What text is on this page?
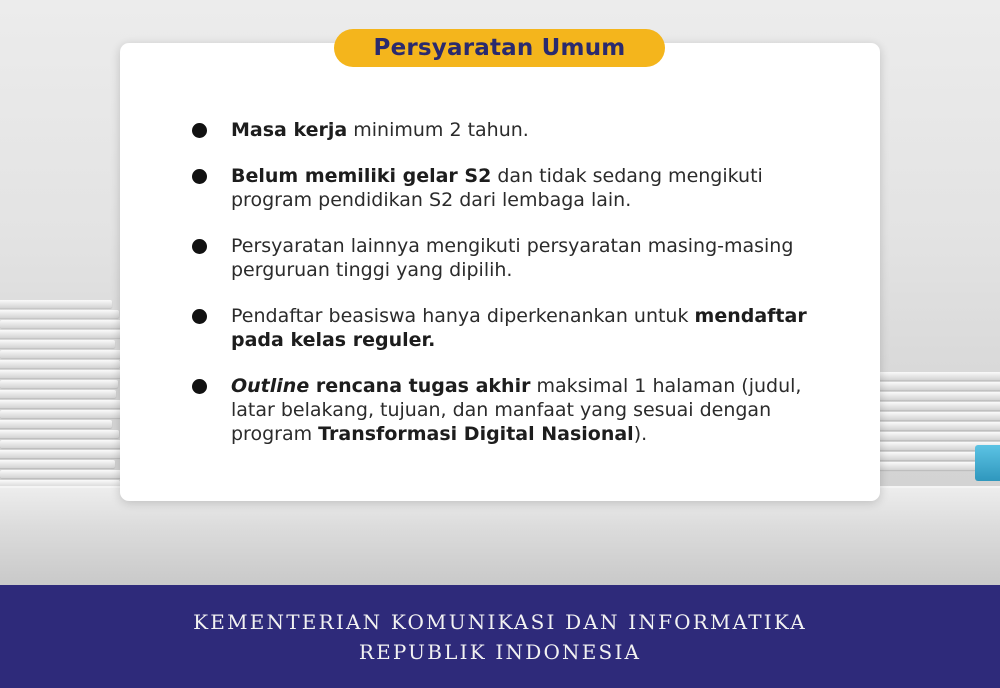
Persyaratan Umum
Masa kerja minimum 2 tahun.
Belum memiliki gelar S2 dan tidak sedang mengikuti
program pendidikan S2 dari lembaga lain.
Persyaratan lainnya mengikuti persyaratan masing-masing
perguruan tinggi yang dipilih.
Pendaftar beasiswa hanya diperkenankan untuk mendaftar
pada kelas reguler.
Outline rencana tugas akhir maksimal 1 halaman (judul,
latar belakang, tujuan, dan manfaat yang sesuai dengan
program Transformasi Digital Nasional).
KEMENTERIAN KOMUNIKASI DAN INFORMATIKA
REPUBLIK INDONESIA
